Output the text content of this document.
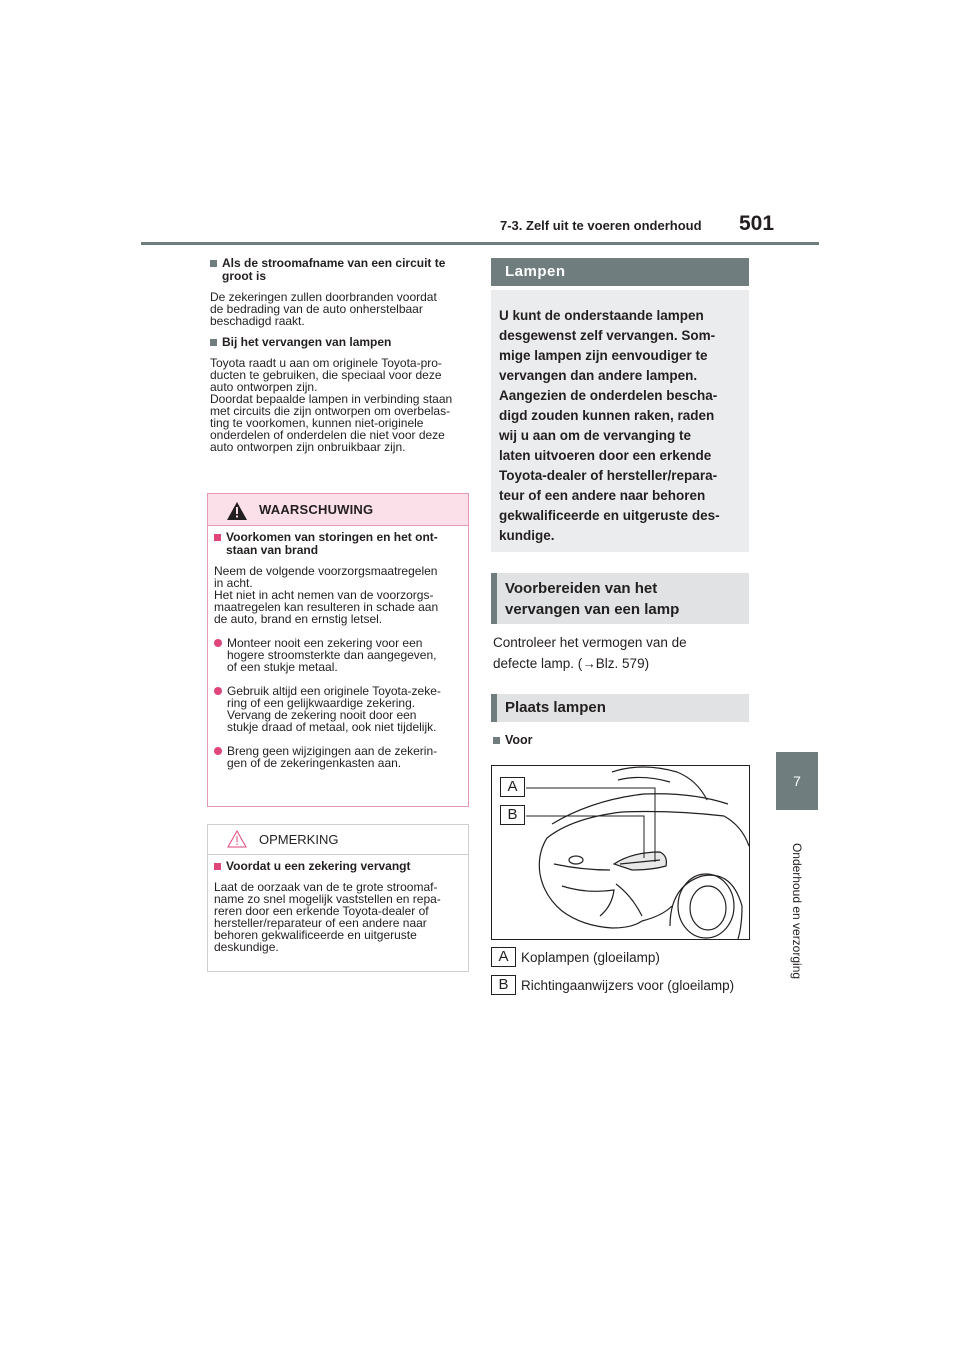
7-3. Zelf uit te voeren onderhoud 501
7
Onderhoud en verzorging
Als de stroomafname van een circuit te groot is
De zekeringen zullen doorbranden voordat
de bedrading van de auto onherstelbaar
beschadigd raakt.
Bij het vervangen van lampen
Toyota raadt u aan om originele Toyota-pro-
ducten te gebruiken, die speciaal voor deze
auto ontworpen zijn.
Doordat bepaalde lampen in verbinding staan
met circuits die zijn ontworpen om overbelas-
ting te voorkomen, kunnen niet-originele
onderdelen of onderdelen die niet voor deze
auto ontworpen zijn onbruikbaar zijn.
WAARSCHUWING
Voorkomen van storingen en het ont-
staan van brand
Neem de volgende voorzorgsmaatregelen
in acht.
Het niet in acht nemen van de voorzorgs-
maatregelen kan resulteren in schade aan
de auto, brand en ernstig letsel.
Monteer nooit een zekering voor een
hogere stroomsterkte dan aangegeven,
of een stukje metaal.
Gebruik altijd een originele Toyota-zeke-
ring of een gelijkwaardige zekering.
Vervang de zekering nooit door een
stukje draad of metaal, ook niet tijdelijk.
Breng geen wijzigingen aan de zekerin-
gen of de zekeringenkasten aan.
OPMERKING
Voordat u een zekering vervangt
Laat de oorzaak van de te grote stroomaf-
name zo snel mogelijk vaststellen en repa-
reren door een erkende Toyota-dealer of
hersteller/reparateur of een andere naar
behoren gekwalificeerde en uitgeruste
deskundige.
Lampen
U kunt de onderstaande lampen
desgewenst zelf vervangen. Som-
mige lampen zijn eenvoudiger te
vervangen dan andere lampen.
Aangezien de onderdelen bescha-
digd zouden kunnen raken, raden
wij u aan om de vervanging te
laten uitvoeren door een erkende
Toyota-dealer of hersteller/repara-
teur of een andere naar behoren
gekwalificeerde en uitgeruste des-
kundige.
Voorbereiden van het
vervangen van een lamp
Controleer het vermogen van de
defecte lamp. (→Blz. 579)
Plaats lampen
Voor
A
B
A Koplampen (gloeilamp)
B Richtingaanwijzers voor (gloeilamp)
